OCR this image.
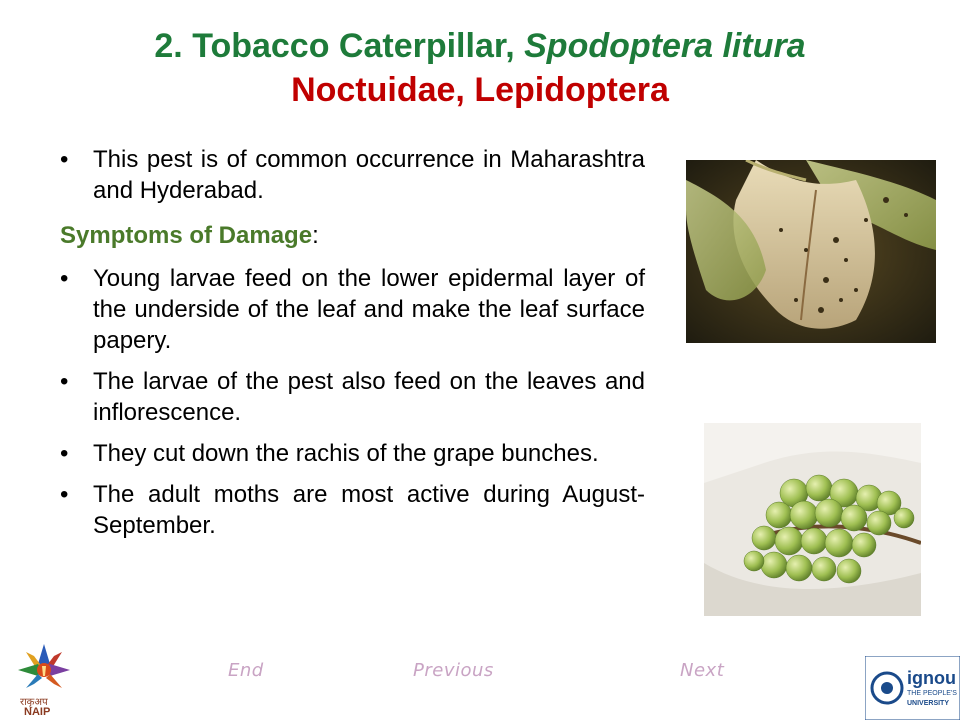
2. Tobacco Caterpillar, Spodoptera litura
Noctuidae, Lepidoptera
• This pest is of common occurrence in Maharashtra and Hyderabad.
Symptoms of Damage:
• Young larvae feed on the lower epidermal layer of the underside of the leaf and make the leaf surface papery.
• The larvae of the pest also feed on the leaves and inflorescence.
• They cut down the rachis of the grape bunches.
• The adult moths are most active during August-September.
End	Previous	Next
राकृअप
NAIP
ignou
THE PEOPLE'S
UNIVERSITY
